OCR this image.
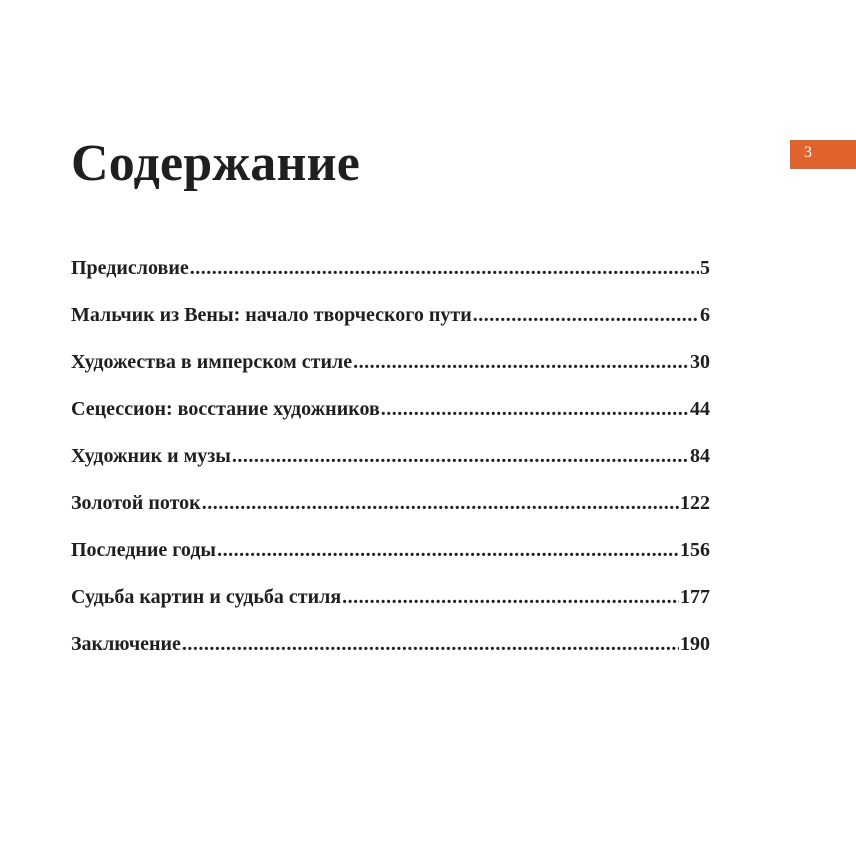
3
Содержание
Предисловие .....	5
Мальчик из Вены: начало творческого пути .....	6
Художества в имперском стиле .....	30
Сецессион: восстание художников .....	44
Художник и музы .....	84
Золотой поток .....	122
Последние годы .....	156
Судьба картин и судьба стиля .....	177
Заключение .....	190
